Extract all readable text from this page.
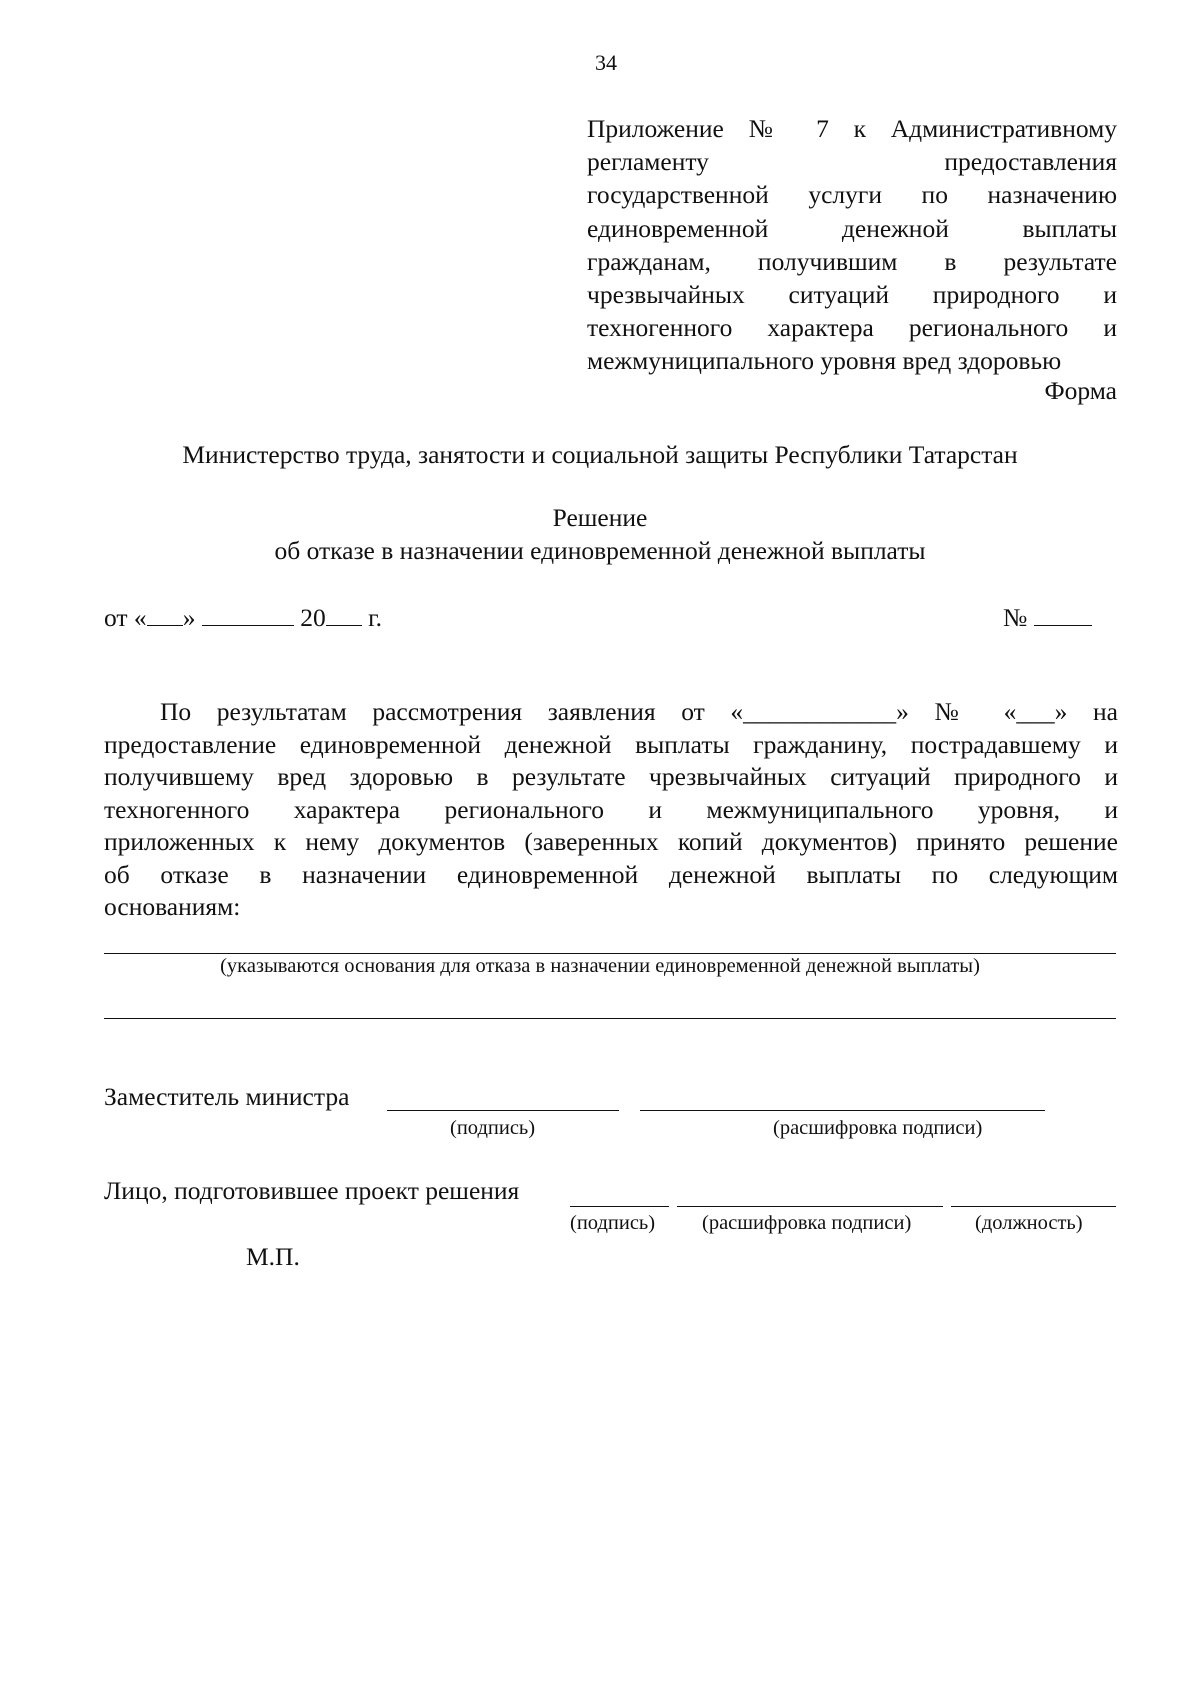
34
Приложение № 7 к Административному
регламенту предоставления
государственной услуги по назначению
единовременной денежной выплаты
гражданам, получившим в результате
чрезвычайных ситуаций природного и
техногенного характера регионального и
межмуниципального уровня вред здоровью
Форма
Министерство труда, занятости и социальной защиты Республики Татарстан
Решение
об отказе в назначении единовременной денежной выплаты
от « »	20 г.	№
По результатам рассмотрения заявления от «____________» № «___» на
предоставление единовременной денежной выплаты гражданину, пострадавшему и
получившему вред здоровью в результате чрезвычайных ситуаций природного и
техногенного характера регионального и межмуниципального уровня, и
приложенных к нему документов (заверенных копий документов) принято решение
об отказе в назначении единовременной денежной выплаты по следующим
основаниям:
(указываются основания для отказа в назначении единовременной денежной выплаты)
Заместитель министра
(подпись)	(расшифровка подписи)
Лицо, подготовившее проект решения
(подпись) (расшифровка подписи)	(должность)
М.П.
